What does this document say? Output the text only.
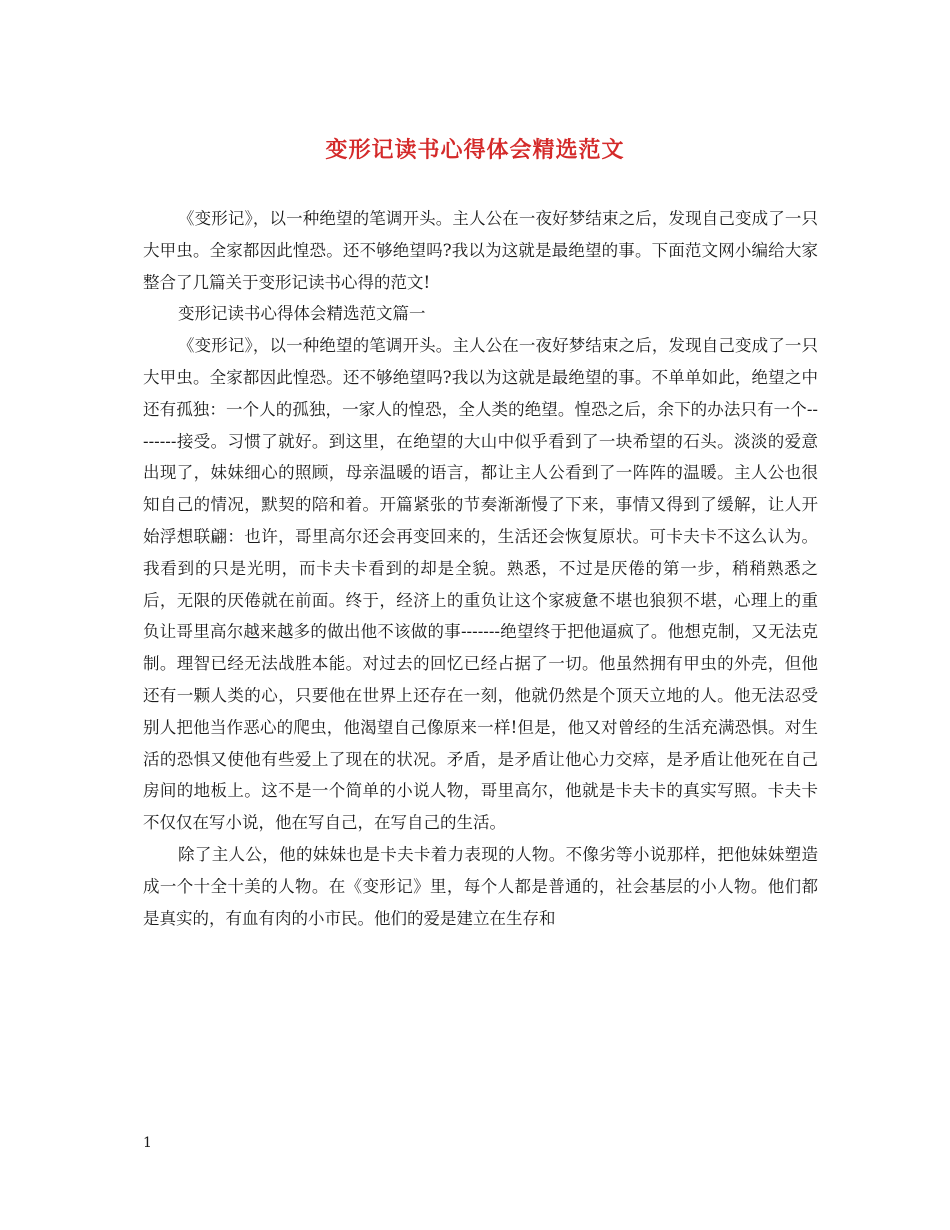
变形记读书心得体会精选范文

《变形记》，以一种绝望的笔调开头。主人公在一夜好梦结束之后，发现自己变成了一只大甲虫。全家都因此惶恐。还不够绝望吗?我以为这就是最绝望的事。下面范文网小编给大家整合了几篇关于变形记读书心得的范文!

变形记读书心得体会精选范文篇一

《变形记》，以一种绝望的笔调开头。主人公在一夜好梦结束之后，发现自己变成了一只大甲虫。全家都因此惶恐。还不够绝望吗?我以为这就是最绝望的事。不单单如此，绝望之中还有孤独：一个人的孤独，一家人的惶恐，全人类的绝望。惶恐之后，余下的办法只有一个--------接受。习惯了就好。到这里，在绝望的大山中似乎看到了一块希望的石头。淡淡的爱意出现了，妹妹细心的照顾，母亲温暖的语言，都让主人公看到了一阵阵的温暖。主人公也很知自己的情况，默契的陪和着。开篇紧张的节奏渐渐慢了下来，事情又得到了缓解，让人开始浮想联翩：也许，哥里高尔还会再变回来的，生活还会恢复原状。可卡夫卡不这么认为。我看到的只是光明，而卡夫卡看到的却是全貌。熟悉，不过是厌倦的第一步，稍稍熟悉之后，无限的厌倦就在前面。终于，经济上的重负让这个家疲惫不堪也狼狈不堪，心理上的重负让哥里高尔越来越多的做出他不该做的事-------绝望终于把他逼疯了。他想克制，又无法克制。理智已经无法战胜本能。对过去的回忆已经占据了一切。他虽然拥有甲虫的外壳，但他还有一颗人类的心，只要他在世界上还存在一刻，他就仍然是个顶天立地的人。他无法忍受别人把他当作恶心的爬虫，他渴望自己像原来一样!但是，他又对曾经的生活充满恐惧。对生活的恐惧又使他有些爱上了现在的状况。矛盾，是矛盾让他心力交瘁，是矛盾让他死在自己房间的地板上。这不是一个简单的小说人物，哥里高尔，他就是卡夫卡的真实写照。卡夫卡不仅仅在写小说，他在写自己，在写自己的生活。

除了主人公，他的妹妹也是卡夫卡着力表现的人物。不像劣等小说那样，把他妹妹塑造成一个十全十美的人物。在《变形记》里，每个人都是普通的，社会基层的小人物。他们都是真实的，有血有肉的小市民。他们的爱是建立在生存和

1
